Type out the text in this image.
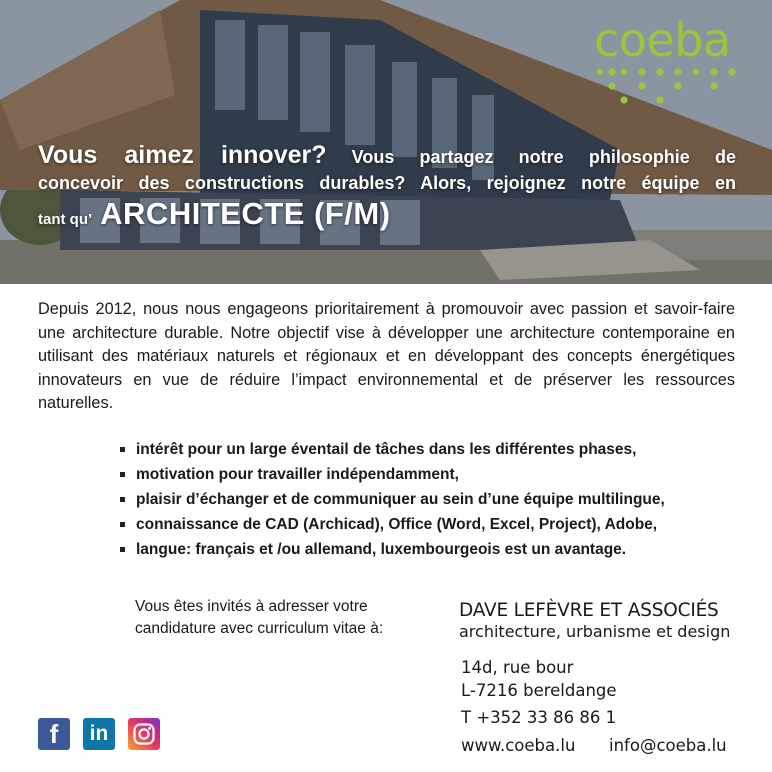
coeba
Vous aimez innover? Vous partagez notre philosophie de
concevoir des constructions durables? Alors, rejoignez notre équipe en
tant qu’ ARCHITECTE (F/M)
Depuis 2012, nous nous engageons prioritairement à promouvoir avec passion et savoir-faire une architecture durable. Notre objectif vise à développer une architecture contemporaine en utilisant des matériaux naturels et régionaux et en développant des concepts énergétiques innovateurs en vue de réduire l’impact environnemental et de préserver les ressources naturelles.
intérêt pour un large éventail de tâches dans les différentes phases,
motivation pour travailler indépendamment,
plaisir d’échanger et de communiquer au sein d’une équipe multilingue,
connaissance de CAD (Archicad), Office (Word, Excel, Project), Adobe,
langue: français et /ou allemand, luxembourgeois est un avantage.
Vous êtes invités à adresser votre
candidature avec curriculum vitae à:
DAVE LEFÈVRE ET ASSOCIÉS
architecture, urbanisme et design
14d, rue bour
L-7216 bereldange
T +352 33 86 86 1
www.coeba.lu info@coeba.lu
f in
